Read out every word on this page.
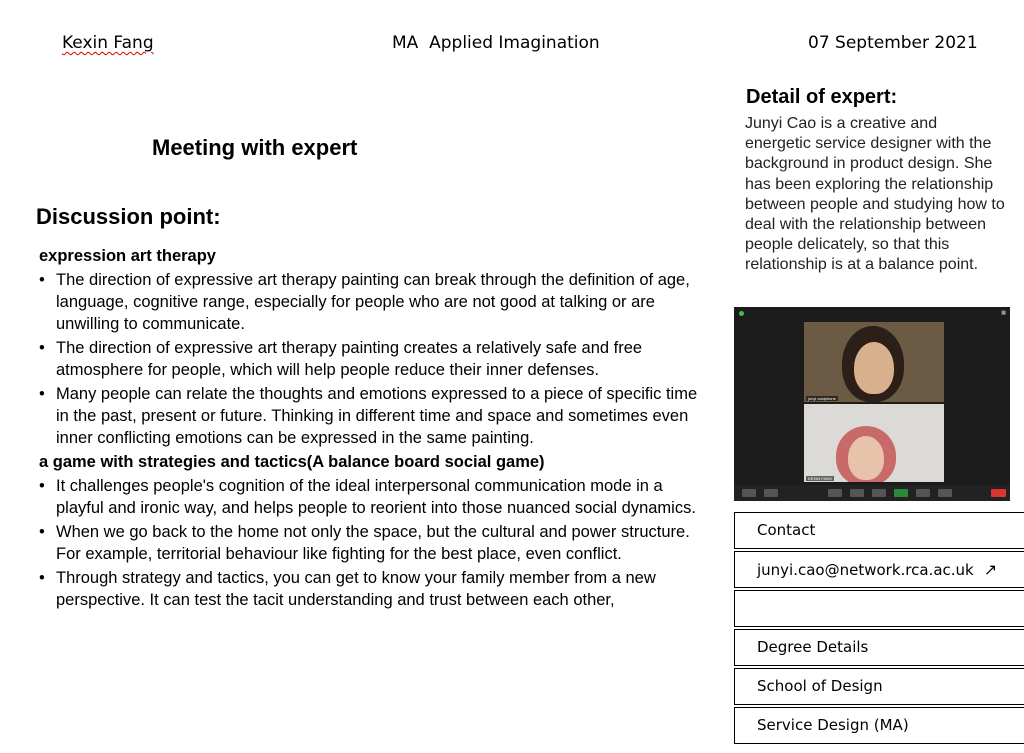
Kexin Fang	MA  Applied Imagination	07 September 2021
Meeting with expert
Discussion point:
expression art therapy
• The direction of expressive art therapy painting can break through the definition of age, language, cognitive range, especially for people who are not good at talking or are unwilling to communicate.
• The direction of expressive art therapy painting creates a relatively safe and free atmosphere for people, which will help people reduce their inner defenses.
• Many people can relate the thoughts and emotions expressed to a piece of specific time in the past, present or future. Thinking in different time and space and sometimes even inner conflicting emotions can be expressed in the same painting.
a game with strategies and tactics(A balance board social game)
• It challenges people's cognition of the ideal interpersonal communication mode in a playful and ironic way, and helps people to reorient into those nuanced social dynamics.
• When we go back to the home not only the space, but the cultural and power structure. For example, territorial behaviour like fighting for the best place, even conflict.
• Through strategy and tactics, you can get to know your family member from a new perspective. It can test the tacit understanding and trust between each other,
Detail of expert:
Junyi Cao is a creative and energetic service designer with the background in product design. She has been exploring the relationship between people and studying how to deal with the relationship between people delicately, so that this relationship is at a balance point.
▦
junyi caoiphone
KEXIN FANG
Contact
junyi.cao@network.rca.ac.uk ↗
Degree Details
School of Design
Service Design (MA)
